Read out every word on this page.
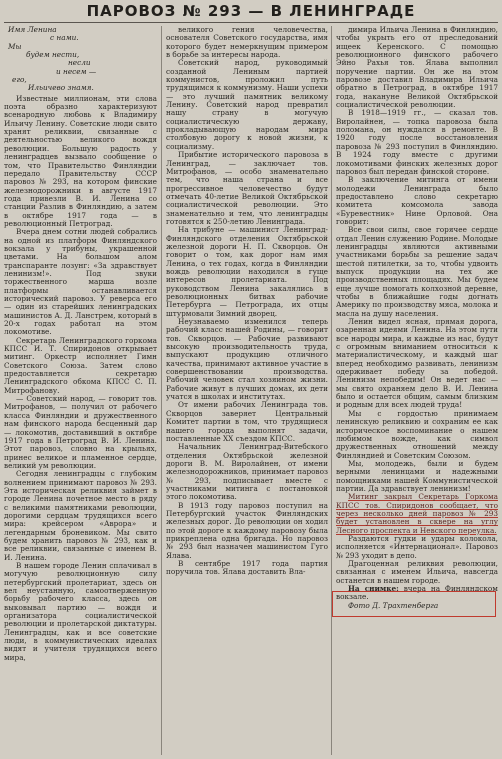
ПАРОВОЗ № 293 — В ЛЕНИНГРАДЕ
Имя Ленина
с нами.
Мы
будем нести,
несли
и несем —
его,
Ильичево знамя.

Известные миллионам, эти слова поэта образно характеризуют всенародную любовь к Владимиру Ильичу Ленину. Советские люди свято хранят реликвии, связанные с деятельностью великого вождя революции. Большую радость у ленинградцев вызвало сообщение о том, что Правительство Финляндии передало Правительству СССР паровоз № 293, на котором финские железнодорожники в августе 1917 года привезли В. И. Ленина со станции Разлив в Финляндию, а затем в октябре 1917 года — в революционный Петроград.

Вчера днем сотни людей собрались на одной из платформ Финляндского вокзала у трибуны, украшенной цветами. На большом алом транспаранте лозунг: «За здравствует ленинизм!». Под звуки торжественного марша возле платформы останавливается исторический паровоз. У реверса его — один из старейших ленинградских машинистов А. Д. Ланстрем, который в 20-х годах работал на этом локомотиве.

Секретарь Ленинградского горкома КПСС И. Т. Спиридонов открывает митинг. Оркестр исполняет Гимн Советского Союза. Затем слово предоставляется секретарю Ленинградского обкома КПСС С. П. Митрофанову.

— Советский народ, — говорит тов. Митрофанов, — получил от рабочего класса Финляндии и дружественного нам финского народа бесценный дар — локомотив, доставивший в октябре 1917 года в Петроград В. И. Ленина. Этот паровоз, словно на крыльях, принес великое и пламенное сердце, великий ум революции.

Сегодня ленинградцы с глубоким волнением принимают паровоз № 293. Эта историческая реликвия займет в городе Ленина почетное место в ряду с великими памятниками революции, дорогими сердцам трудящихся всего мира: крейсером «Аврора» и легендарным броневиком. Мы свято будем хранить паровоз № 293, как и все реликвии, связанные с именем В. И. Ленина.

В нашем городе Ленин сплачивал в могучую революционную силу петербургский пролетариат, здесь он вел неустанную, самоотверженную борьбу рабочего класса, здесь он выковывал партию — вождя и организатора социалистической революции и пролетарской диктатуры. Ленинградцы, как и все советские люди, в коммунистических идеалах видят и учителя трудящихся всего мира,

великого гения человечества, основателя Советского государства, имя которого будет немеркнущим примером в борьбе за интересы народа.

Советский народ, руководимый созданной Лениным партией коммунистов, проложил путь трудящимся к коммунизму. Наши успехи — это лучший памятник великому Ленину. Советский народ превратил нашу страну в могучую социалистическую державу, прокладывающую народам мира столбовую дорогу к новой жизни, к социализму.

Прибытие исторического паровоза в Ленинград, — заключает тов. Митрофанов, — особо знаменательно тем, что наша страна и все прогрессивное человечество будут отмечать 40-летие Великой Октябрьской социалистической революции. Это знаменательно и тем, что ленинградцы готовятся к 250-летию Ленинграда.

На трибуне — машинист Ленинград-Финляндского отделения Октябрьской железной дороги Н. П. Скворцов. Он говорит о том, как дорог нам имя Ленина, о тех годах, когда в Финляндии вождь революции находился в гуще интересов пролетариата. Под руководством Ленина закалялись в революционных битвах рабочие Петербурга — Петрограда, их отцы штурмовали Зимний дворец.

Неузнаваемо изменился теперь рабочий класс нашей Родины, — говорит тов. Скворцов. — Рабочие развивают высокую производительность труда, выпускают продукцию отличного качества, принимают активное участие в совершенствовании производства. Рабочий человек стал хозяином жизни. Рабочие живут в лучших домах, их дети учатся в школах и институтах.

От имени рабочих Ленинграда тов. Скворцов заверяет Центральный Комитет партии в том, что трудящиеся нашего города выполнят задачи, поставленные ХХ съездом КПСС.

Начальник Ленинград-Витебского отделения Октябрьской железной дороги В. М. Виролайнен, от имени железнодорожников, принимает паровоз № 293, подписывает вместе с участниками митинга с постановкой этого локомотива.

В 1913 году паровоз поступил на Петербургский участок Финляндских железных дорог. До революции он ходил по этой дороге к каждому паровозу была прикреплена одна бригада. Но паровоз № 293 был назначен машинистом Гуго Ялава.

В сентябре 1917 года партия поручила тов. Ялава доставить Вла-

димира Ильича Ленина в Финляндию, чтобы укрыть его от преследований ищеек Керенского. С помощью революционного финского рабочего Эйно Рахья тов. Ялава выполнил поручение партии. Он же на этом паровозе доставил Владимира Ильича обратно в Петроград, в октябре 1917 года, накануне Великой Октябрьской социалистической революции.

В 1918—1919 гг., — сказал тов. Виролайнен, — топка паровоза была поломана, он нуждался в ремонте. В 1920 году после восстановления паровоза № 293 поступил в Финляндию. В 1924 году вместе с другими локомотивами финских железных дорог паровоз был передан финской стороне.

В заключение митинга от имени молодежи Ленинграда было предоставлено слово секретарю комитета комсомола завода «Буревестник» Нине Орловой. Она говорит:

Все свои силы, свое горячее сердце отдал Ленин служению Родине. Молодые ленинградцы являются активными участниками борьбы за решение задач шестой пятилетки, за то, чтобы удвоить выпуск продукции на тех же производственных площадях. Мы будем еще лучше помогать колхозной деревне, чтобы в ближайшие годы догнать Америку по производству мяса, молока и масла на душу населения.

Ленин видел ясная, прямая дорога, озаренная идеями Ленина. На этом пути все народы мира, и каждые из нас, будут с огромным вниманием относиться к материалистическому, и каждый шаг вперед необходимо развивать, ленинизм одерживает победу за победой. Ленинизм непобедим! Он ведет нас — мы свято охраняем дело В. И. Ленина было и остается общим, самым близким и родным для всех людей труда!

Мы с гордостью принимаем ленинскую реликвию и сохраним ее как историческое воспоминание о нашем любимом вожде, как символ дружественных отношений между Финляндией и Советским Союзом.

Мы, молодежь, были и будем верными ленинцами и надежными помощниками нашей Коммунистической партии. Да здравствует ленинизм!

Митинг закрыл Секретарь Горкома КПСС тов. Спиридонов сообщает, что через несколько дней паровоз № 293 будет установлен в сквере на углу Лесного проспекта и Невского переулка.

Раздаются гудки и удары колокола, исполняется «Интернационал». Паровоз № 293 уходит в депо.

Драгоценная реликвия революции, связанная с именем Ильича, навсегда останется в нашем городе.

На снимке: вчера на Финляндском вокзале.

Фото Д. Трахтенберга
